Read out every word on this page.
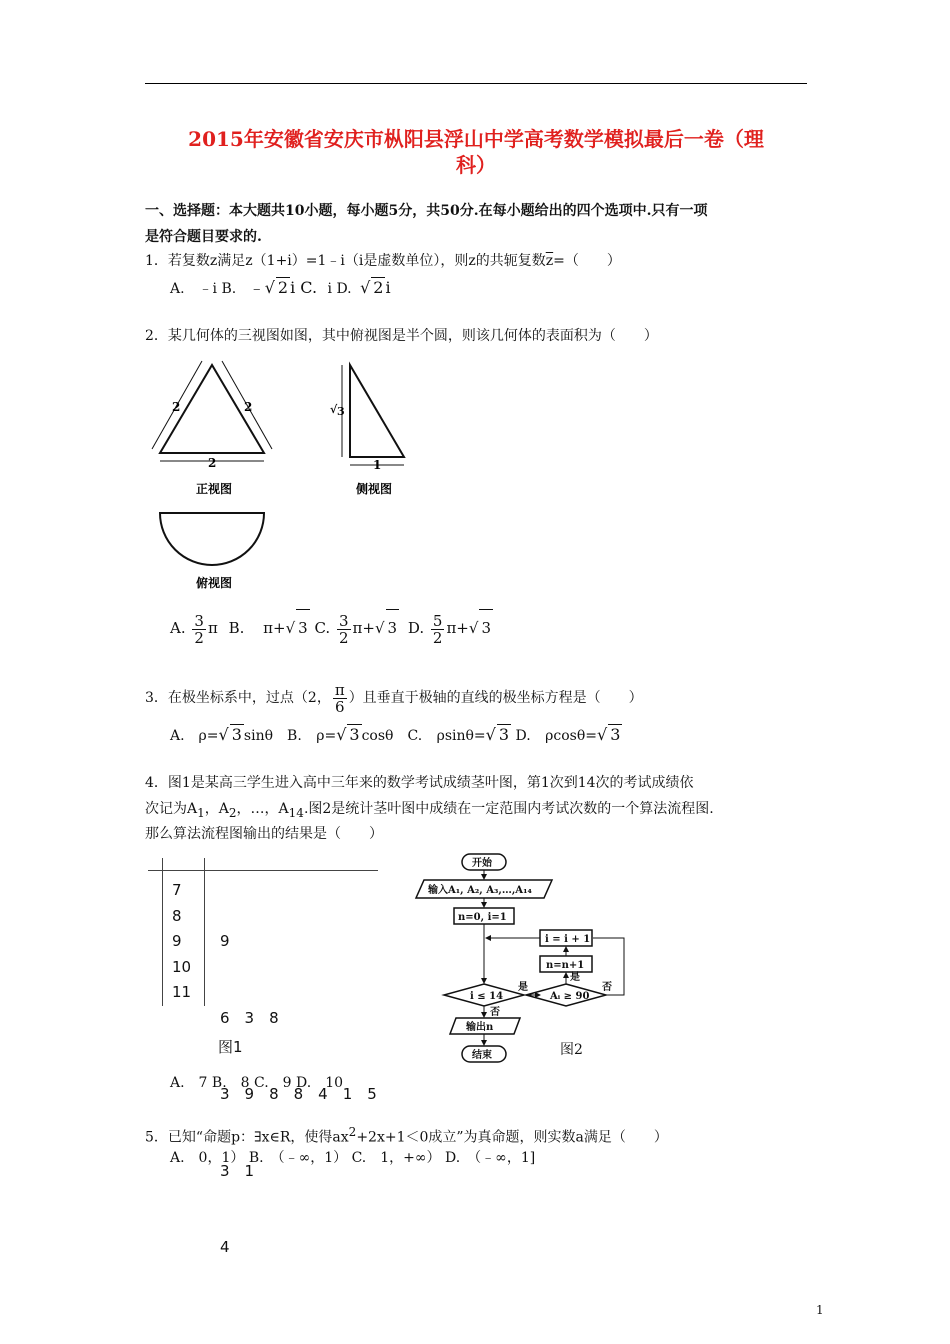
2015年安徽省安庆市枞阳县浮山中学高考数学模拟最后一卷（理
科）
一、选择题：本大题共10小题，每小题5分，共50分.在每小题给出的四个选项中.只有一项
是符合题目要求的.
1．若复数z满足z（1+i）=1﹣i（i是虚数单位），则z的共轭复数$\overline{z}=$（　　）
A.　﹣i B. ﹣√ 2 i C. i D. √ 2 i
2．某几何体的三视图如图，其中俯视图是半个圆，则该几何体的表面积为（　　）
2	2
2
正视图
√ 3
1
侧视图
俯视图
A. $\frac{3}{2}$ π B. π+√ 3 C. $\frac{3}{2} \pi+√$ 3 D. $\frac{5}{2} \pi+√$ 3
3．在极坐标系中，过点（2， $\frac{\pi}{6}$ ）且垂直于极轴的直线的极坐标方程是（　　）
A.　ρ=√ 3 sinθ　B. ρ=√ 3 cosθ　C. ρsinθ=√ 3 D. ρcosθ=√ 3
4．图1是某高三学生进入高中三年来的数学考试成绩茎叶图，第1次到14次的考试成绩依
次记为$A_1$，$A_2$，…，$A_{14}$.图2是统计茎叶图中成绩在一定范围内考试次数的一个算法流程图.
那么算法流程图输出的结果是（　　）
7
8
9
10
11

9

6　3　8

3　9　8　8　4　1　5

3　1

4

图1
开始
输入A₁, A₂, A₃,…,A₁₄
n=0, i=1
i = i + 1
n=n+1
i ≤ 14
是
Aᵢ ≥ 90
是
否
否
输出n
结束	图2
A.　7 B.　8 C.　9 D.　10
5．已知“命题p：∃x∈R，使得$ax^2+2x+1<0$成立”为真命题，则实数a满足（　　）
A.　0，1） B.　（﹣∞，1） C.　1，+∞） D.　（﹣∞，1]
1
